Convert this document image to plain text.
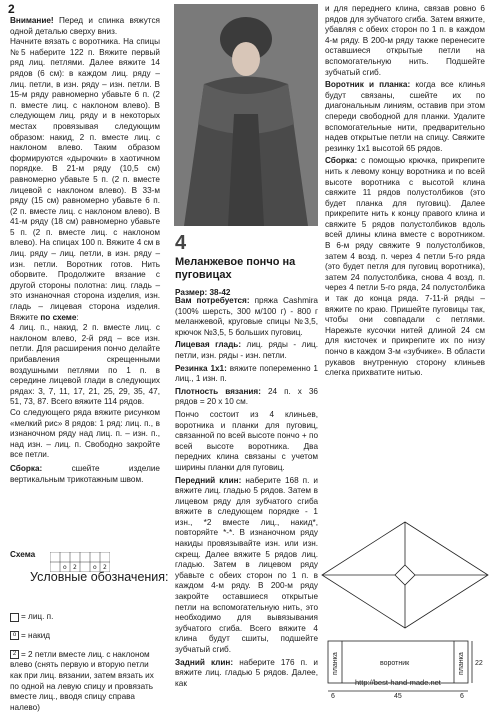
2

Внимание! Перед и спинка вяжутся одной деталью сверху вниз.

Начните вязать с воротника. На спицы №5 наберите 122 п. Вяжите первый ряд лиц. петлями. Далее вяжите 14 рядов (6 см): в каждом лиц. ряду – лиц. петли, в изн. ряду – изн. петли. В 15-м ряду равномерно убавьте 6 п. (2 п. вместе лиц. с наклоном влево). В следующем лиц. ряду и в некоторых местах провязывая следующим образом: накид, 2 п. вместе лиц. с наклоном влево. Таким образом формируются «дырочки» в хаотичном порядке. В 21-м ряду (10,5 см) равномерно убавьте 5 п. (2 п. вместе лицевой с наклоном влево). В 33-м ряду (15 см) равномерно убавьте 6 п. (2 п. вместе лиц. с наклоном влево). В 41-м ряду (18 см) равномерно убавьте 5 п. (2 п. вместе лиц. с наклоном влево). На спицах 100 п. Вяжите 4 см в лиц. ряду – лиц. петли, в изн. ряду – изн. петли. Воротник готов. Нить оборвите. Продолжите вязание с другой стороны полотна: лиц. гладь – это изнаночная сторона изделия, изн. гладь – лицевая сторона изделия. Вяжите по схеме:

4 лиц. п., накид, 2 п. вместе лиц. с наклоном влево, 2-й ряд – все изн. петли. Для расширения пончо делайте прибавления скрещенными воздушными петлями по 1 п. в середине лицевой глади в следующих рядах: 3, 7, 11, 17, 21, 25, 29, 35, 47, 51, 73, 87. Всего вяжите 114 рядов.

Со следующего ряда вяжите рисунком «мелкий рис» 8 рядов: 1 ряд: лиц. п., в изнаночном ряду над лиц. п. – изн. п., над изн. – лиц. п. Свободно закройте все петли.

Сборка: сшейте изделие вертикальным трикотажным швом.

Схема
о 2	о 2
Условные обозначения:

= лиц. п.

о = накид

2 = 2 петли вместе лиц. с наклоном влево (снять первую и вторую петли как при лиц. вязании, затем вязать их по одной на левую спицу и провязать вместе лиц., вводя спицу справа налево)

4
Меланжевое пончо на пуговицах

Размер: 38-42

Вам потребуется: пряжа Cashmira (100% шерсть, 300 м/100 г) - 800 г меланжевой, круговые спицы №3,5, крючок №3,5, 5 больших пуговиц.

Лицевая гладь: лиц. ряды - лиц. петли, изн. ряды - изн. петли.

Резинка 1х1: вяжите попеременно 1 лиц., 1 изн. п.

Плотность вязания: 24 п. х 36 рядов = 20 х 10 см.

Пончо состоит из 4 клиньев, воротника и планки для пуговиц, связанной по всей высоте пончо + по всей высоте воротника. Два передних клина связаны с учетом ширины планки для пуговиц.

Передний клин: наберите 168 п. и вяжите лиц. гладью 5 рядов. Затем в лицевом ряду для зубчатого сгиба вяжите в следующем порядке - 1 изн., *2 вместе лиц., накид*, повторяйте *-*. В изнаночном ряду накиды провязывайте изн. или изн. скрещ. Далее вяжите 5 рядов лиц. гладью. Затем в лицевом ряду убавьте с обеих сторон по 1 п. в каждом 4-м ряду. В 200-м ряду закройте оставшиеся открытые петли на вспомогательную нить, это необходимо для вывязывания зубчатого сгиба. Всего вяжите 4 клина будут сшиты, подшейте зубчатый сгиб.

Задний клин: наберите 176 п. и вяжите лиц. гладью 5 рядов. Далее, как

и для переднего клина, связав ровно 6 рядов для зубчатого сгиба. Затем вяжите, убавляя с обеих сторон по 1 п. в каждом 4-м ряду. В 200-м ряду также перенесите оставшиеся открытые петли на вспомогательную нить. Подшейте зубчатый сгиб.

Воротник и планка: когда все клинья будут связаны, сшейте их по диагональным линиям, оставив при этом спереди свободной для планки. Удалите вспомогательные нити, предварительно надев открытые петли на спицу. Свяжите резинку 1х1 высотой 65 рядов.

Сборка: с помощью крючка, прикрепите нить к левому концу воротника и по всей высоте воротника с высотой клина свяжите 11 рядов полустолбиков (это будет планка для пуговиц). Далее прикрепите нить к концу правого клина и свяжите 5 рядов полустолбиков вдоль всей длины клина вместе с воротником. В 6-м ряду свяжите 9 полустолбиков, затем 4 возд. п. через 4 петли 5-го ряда (это будет петля для пуговиц воротника), затем 24 полустолбика, снова 4 возд. п. через 4 петли 5-го ряда, 24 полустолбика и так до конца ряда. 7-11-й ряды – вяжите по краю. Пришейте пуговицы так, чтобы они совпадали с петлями. Нарежьте кусочки нитей длиной 24 см для кисточек и прикрепите их по низу пончо в каждом 3-м «зубчике». В области рукавов внутренную сторону клиньев слегка прихватите нитью.

воротник
планка	планка
6	45	6
22
http://best-hand-made.net
